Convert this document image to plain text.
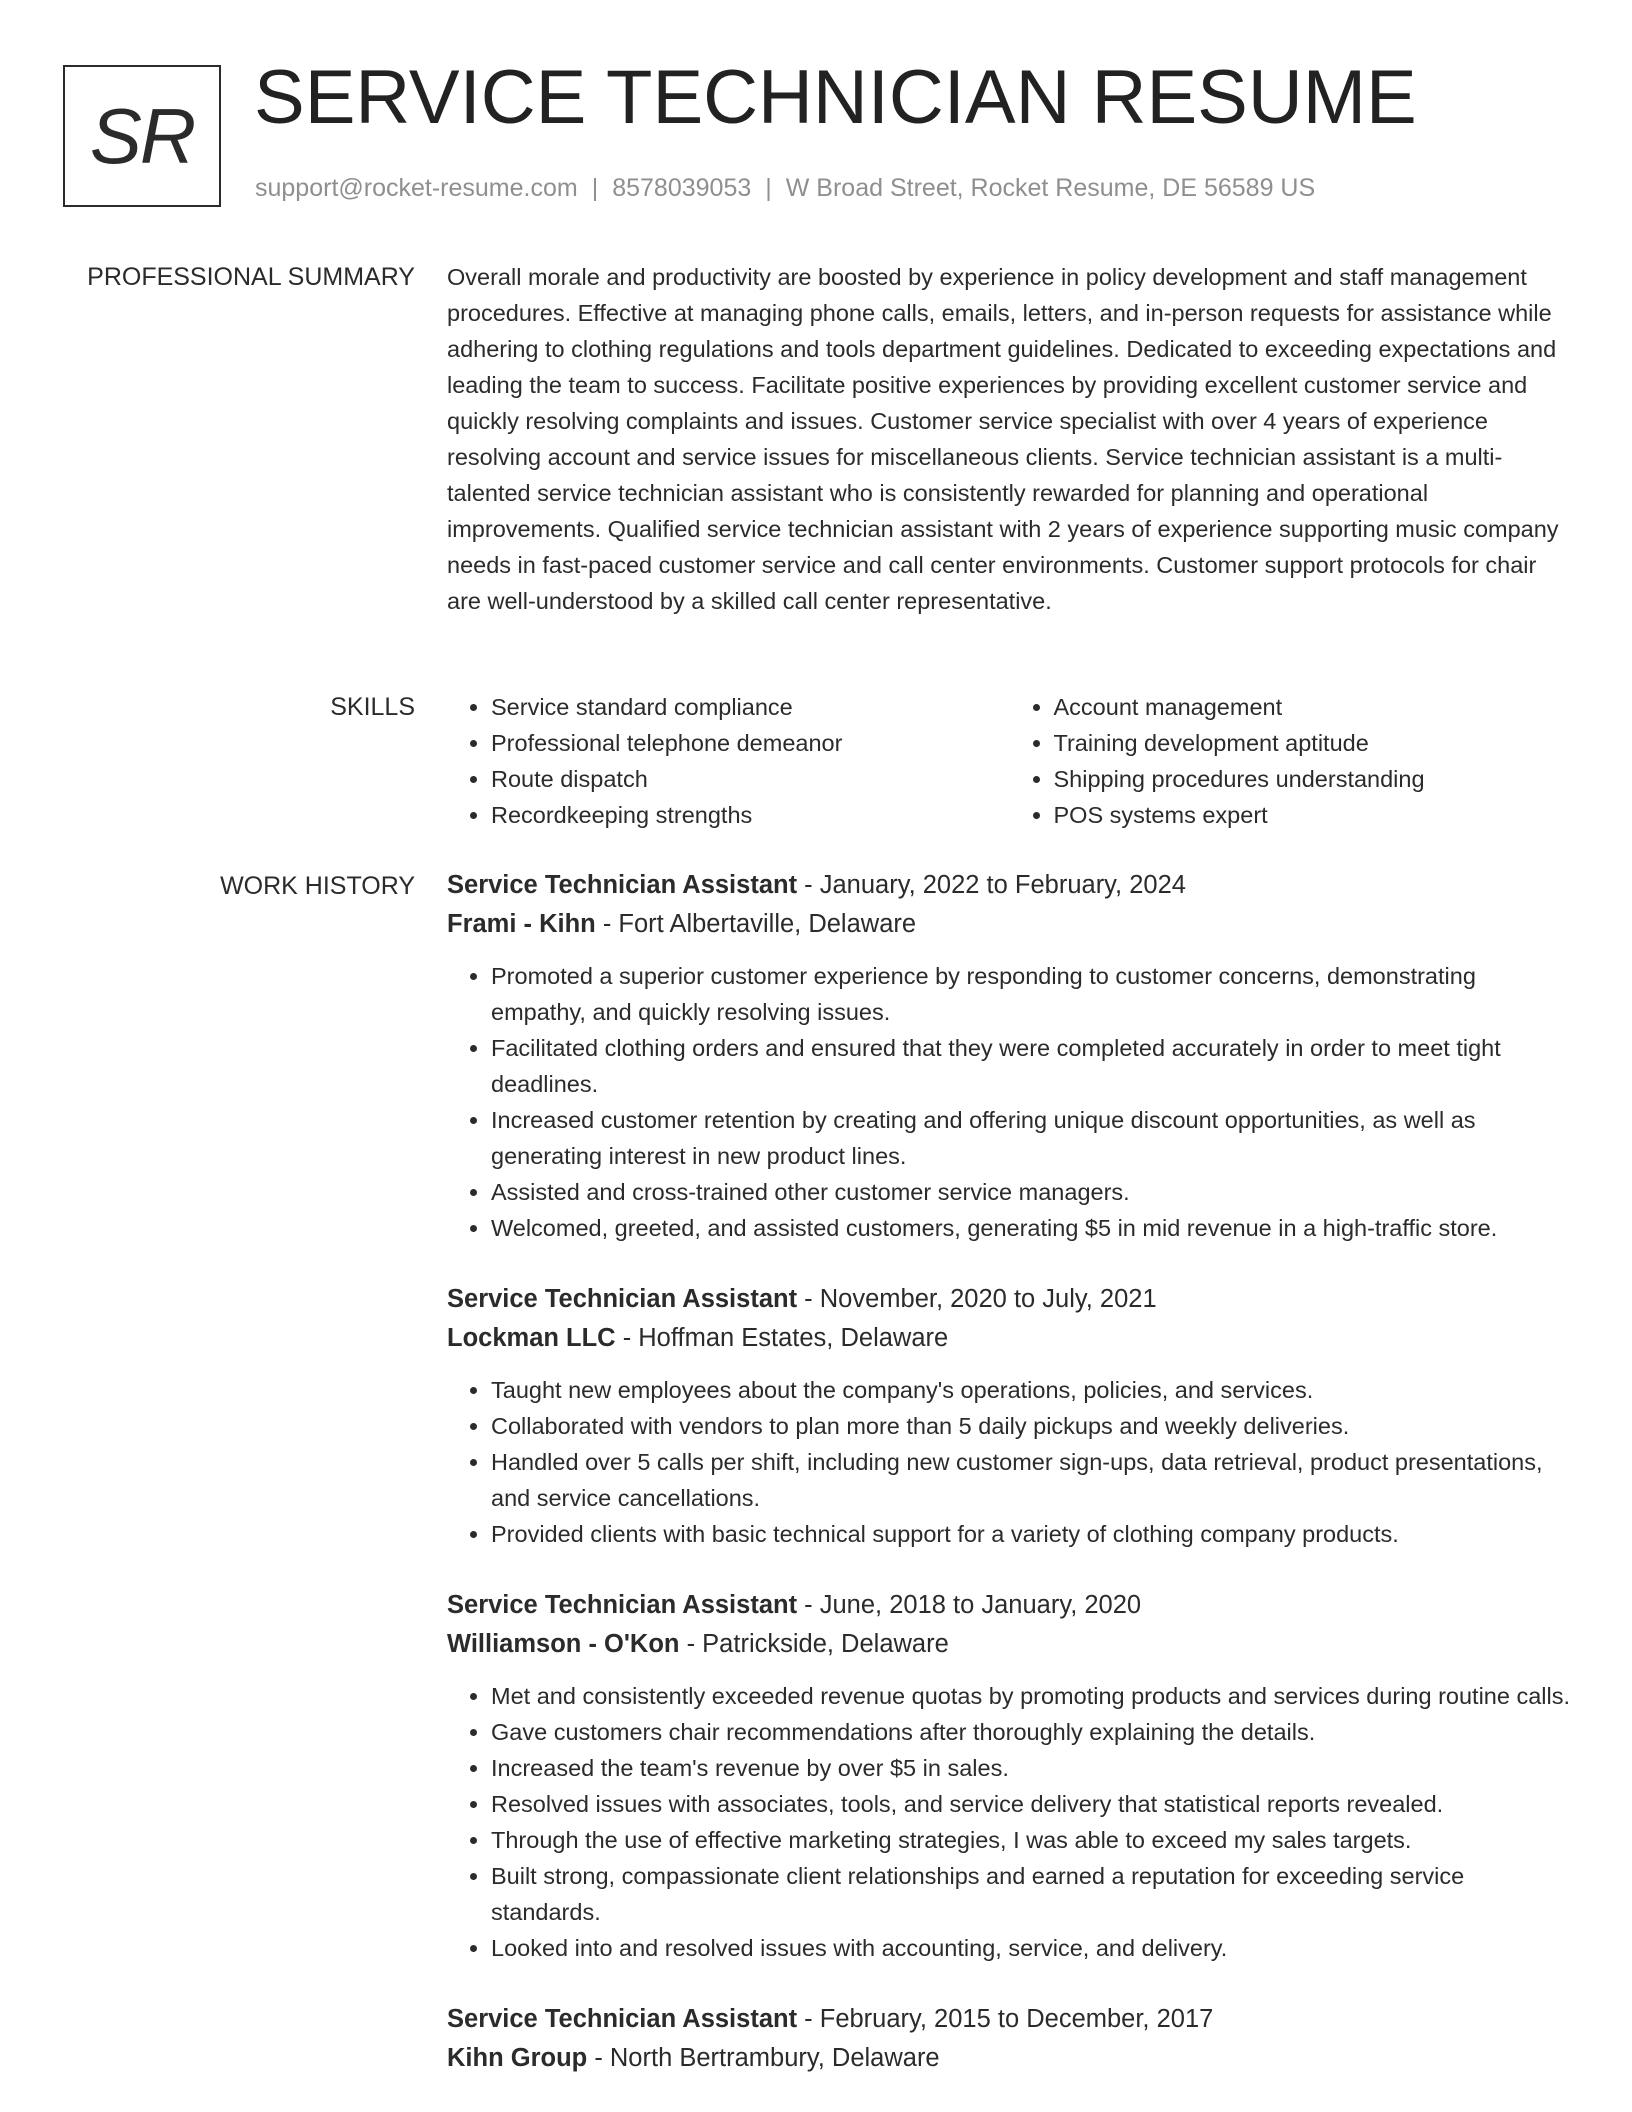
SR SERVICE TECHNICIAN RESUME
support@rocket-resume.com | 8578039053 | W Broad Street, Rocket Resume, DE 56589 US
PROFESSIONAL SUMMARY Overall morale and productivity are boosted by experience in policy development and staff management procedures. Effective at managing phone calls, emails, letters, and in-person requests for assistance while adhering to clothing regulations and tools department guidelines. Dedicated to exceeding expectations and leading the team to success. Facilitate positive experiences by providing excellent customer service and quickly resolving complaints and issues. Customer service specialist with over 4 years of experience resolving account and service issues for miscellaneous clients. Service technician assistant is a multi-talented service technician assistant who is consistently rewarded for planning and operational improvements. Qualified service technician assistant with 2 years of experience supporting music company needs in fast-paced customer service and call center environments. Customer support protocols for chair are well-understood by a skilled call center representative.

SKILLS
•	Service standard compliance
• Professional telephone demeanor
• Route dispatch
• Recordkeeping strengths
• Account management
• Training development aptitude
• Shipping procedures understanding
• POS systems expert
WORK HISTORY Service Technician Assistant - January, 2022 to February, 2024
Frami - Kihn - Fort Albertaville, Delaware
• Promoted a superior customer experience by responding to customer concerns, demonstrating empathy, and quickly resolving issues.
• Facilitated clothing orders and ensured that they were completed accurately in order to meet tight deadlines.
• Increased customer retention by creating and offering unique discount opportunities, as well as generating interest in new product lines.
• Assisted and cross-trained other customer service managers.
• Welcomed, greeted, and assisted customers, generating $5 in mid revenue in a high-traffic store.
Service Technician Assistant - November, 2020 to July, 2021
Lockman LLC - Hoffman Estates, Delaware
• Taught new employees about the company's operations, policies, and services.
• Collaborated with vendors to plan more than 5 daily pickups and weekly deliveries.
• Handled over 5 calls per shift, including new customer sign-ups, data retrieval, product presentations, and service cancellations.
• Provided clients with basic technical support for a variety of clothing company products.
Service Technician Assistant - June, 2018 to January, 2020
Williamson - O'Kon - Patrickside, Delaware
• Met and consistently exceeded revenue quotas by promoting products and services during routine calls.
• Gave customers chair recommendations after thoroughly explaining the details.
• Increased the team's revenue by over $5 in sales.
• Resolved issues with associates, tools, and service delivery that statistical reports revealed.
• Through the use of effective marketing strategies, I was able to exceed my sales targets.
• Built strong, compassionate client relationships and earned a reputation for exceeding service standards.
• Looked into and resolved issues with accounting, service, and delivery.
Service Technician Assistant - February, 2015 to December, 2017
Kihn Group - North Bertrambury, Delaware
